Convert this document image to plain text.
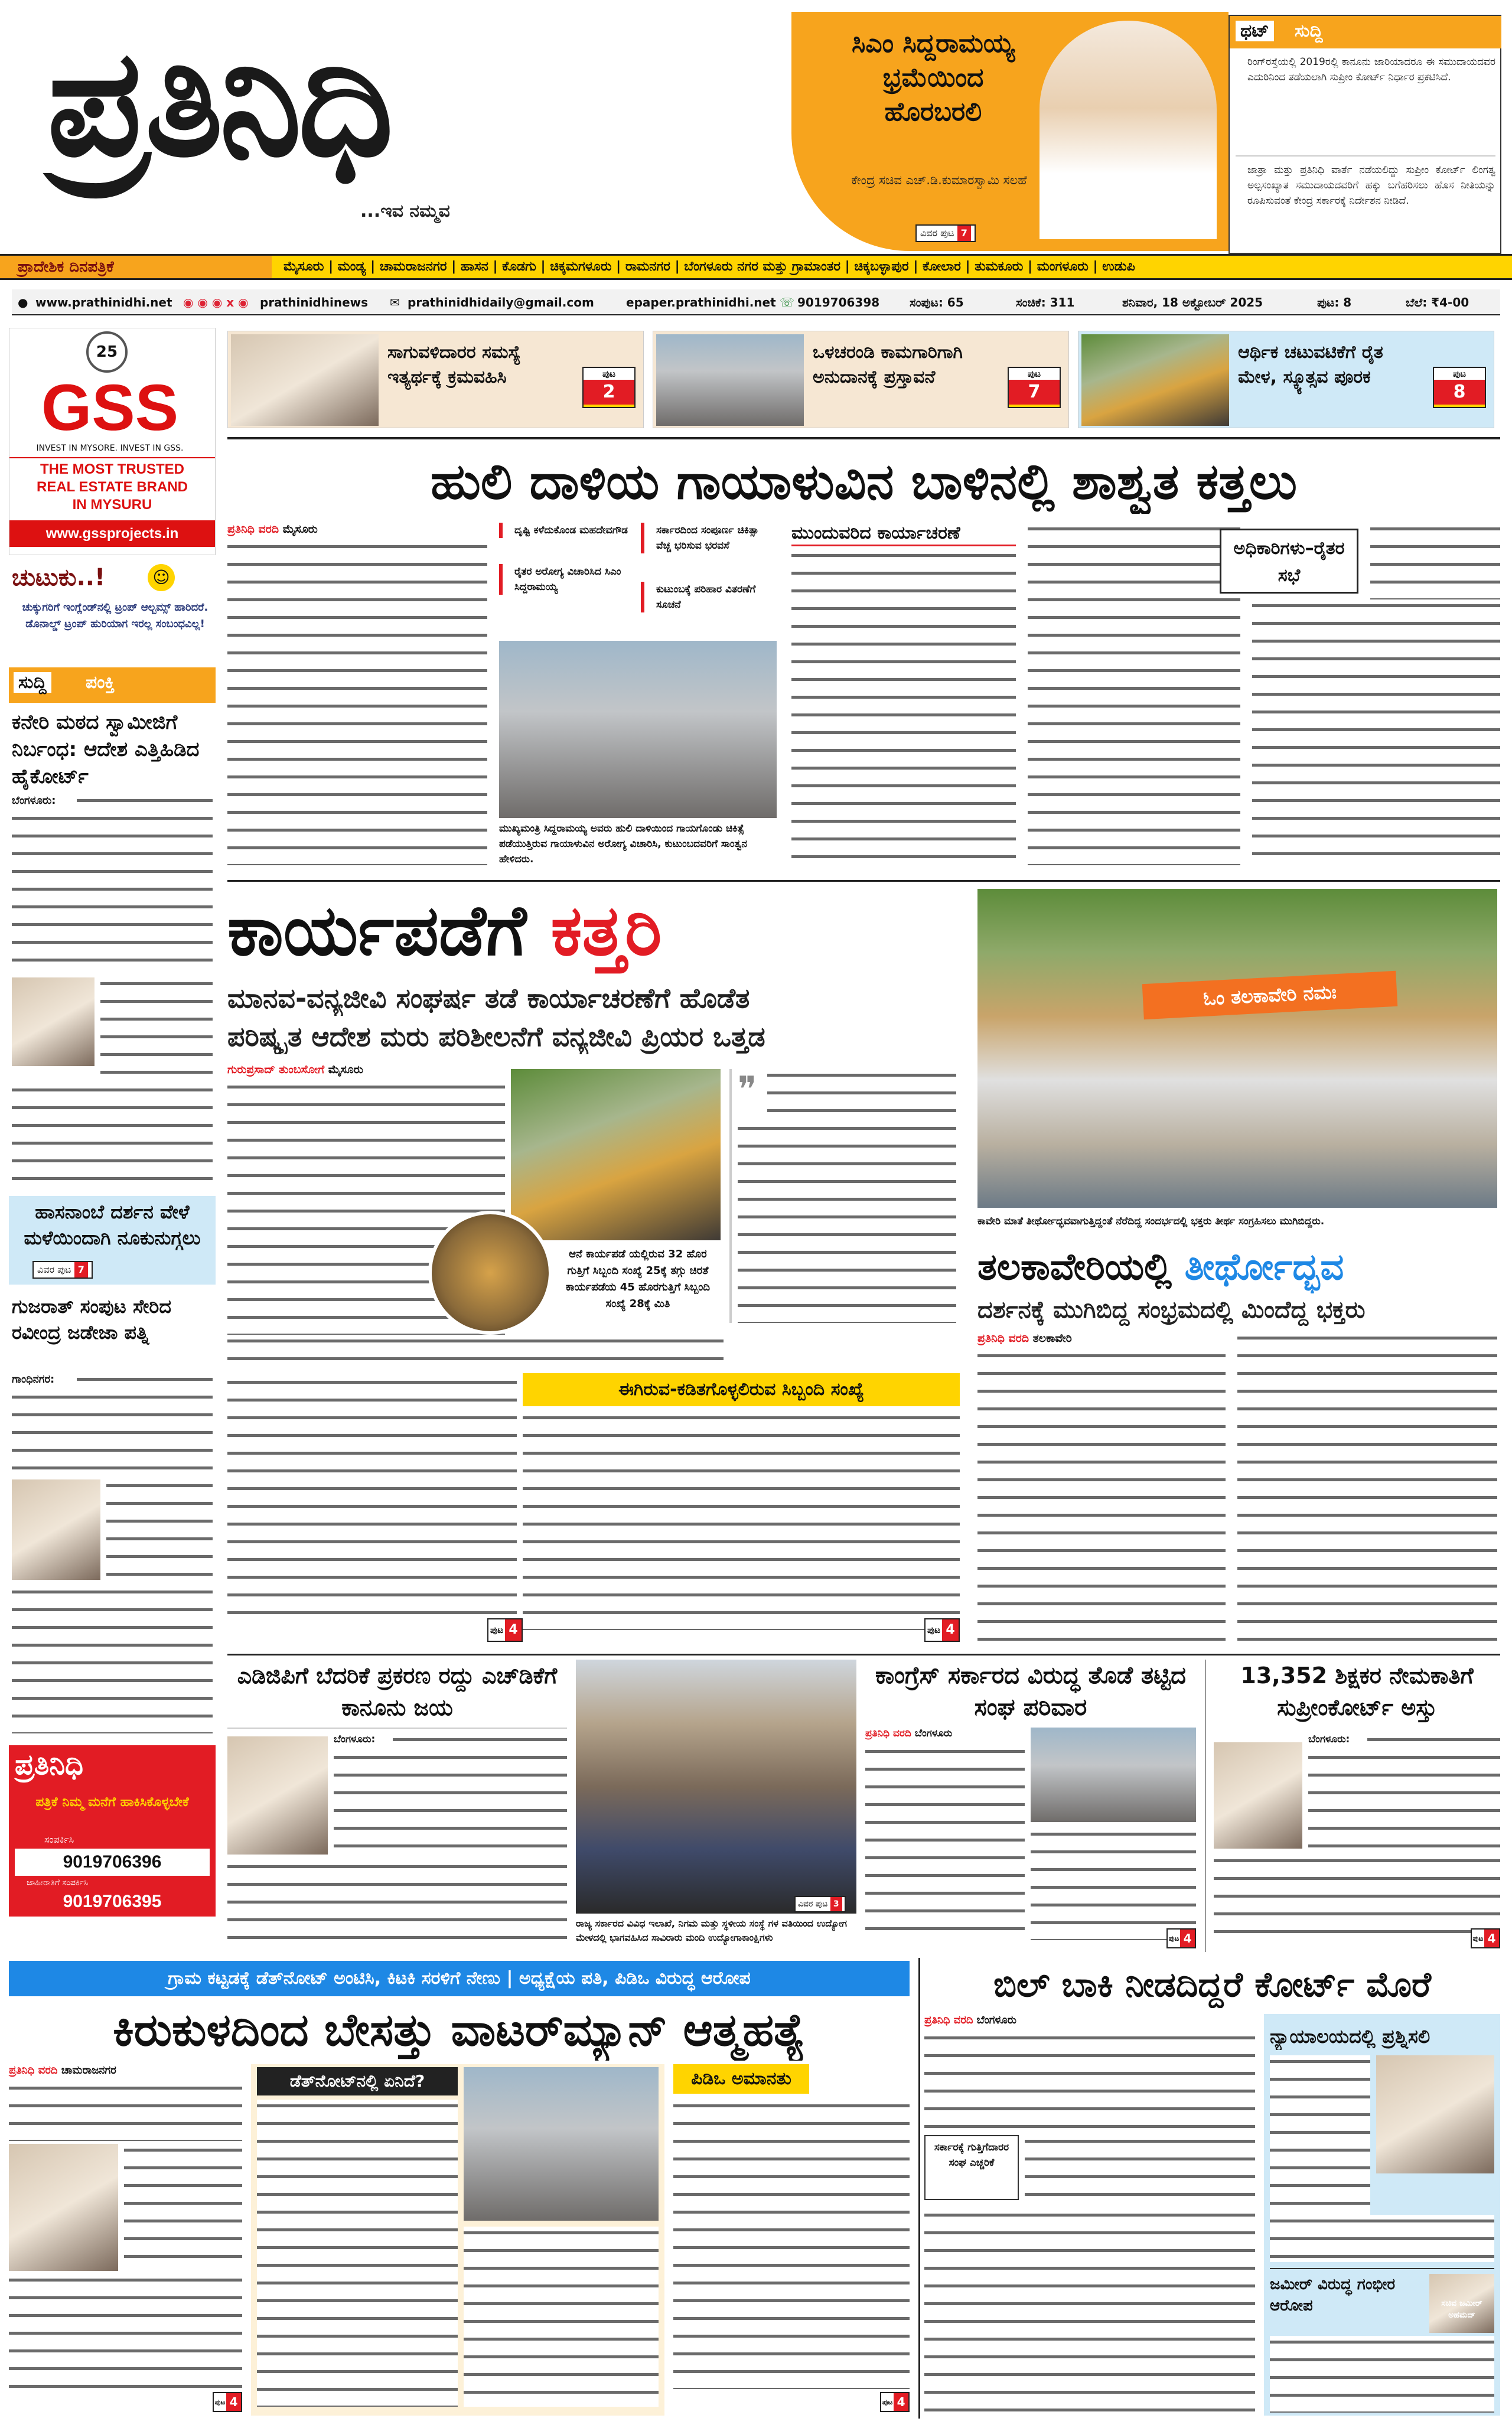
ಪ್ರತಿನಿಧಿ
...ಇವ ನಮ್ಮವ
ಸಿಎಂ ಸಿದ್ದರಾಮಯ್ಯ ಭ್ರಮೆಯಿಂದ ಹೊರಬರಲಿ
ಕೇಂದ್ರ ಸಚಿವ ಎಚ್.ಡಿ.ಕುಮಾರಸ್ವಾಮಿ ಸಲಹೆ
ವಿವರ ಪುಟ 7
ಥಟ್ ಸುದ್ದಿ
ರಿಂಗ್‌ರಸ್ತೆಯಲ್ಲಿ 2019ರಲ್ಲಿ ಕಾನೂನು ಜಾರಿಯಾದರೂ ಈ ಸಮುದಾಯದವರ ಎದುರಿನಿಂದ ತಡೆಯಲಾಗಿ ಸುಪ್ರೀಂ ಕೋರ್ಟ್ ನಿರ್ಧಾರ ಪ್ರಕಟಿಸಿದೆ.
ಜಾತ್ರಾ ಮತ್ತು ಪ್ರತಿನಿಧಿ ವಾರ್ತೆ ನಡೆಯಲಿದ್ದು ಸುಪ್ರೀಂ ಕೋರ್ಟ್ ಲಿಂಗತ್ವ ಅಲ್ಪಸಂಖ್ಯಾತ ಸಮುದಾಯದವರಿಗೆ ಹಕ್ಕು ಬಗೆಹರಿಸಲು ಹೊಸ ನೀತಿಯನ್ನು ರೂಪಿಸುವಂತೆ ಕೇಂದ್ರ ಸರ್ಕಾರಕ್ಕೆ ನಿರ್ದೇಶನ ನೀಡಿದೆ.
ಪ್ರಾದೇಶಿಕ ದಿನಪತ್ರಿಕೆ	ಮೈಸೂರು | ಮಂಡ್ಯ | ಚಾಮರಾಜನಗರ | ಹಾಸನ | ಕೊಡಗು | ಚಿಕ್ಕಮಗಳೂರು | ರಾಮನಗರ | ಬೆಂಗಳೂರು ನಗರ ಮತ್ತು ಗ್ರಾಮಾಂತರ | ಚಿಕ್ಕಬಳ್ಳಾಪುರ | ಕೋಲಾರ | ತುಮಕೂರು | ಮಂಗಳೂರು | ಉಡುಪಿ
● www.prathinidhi.net ◉ ◉ ◉ x ◉ prathinidhinews ✉ prathinidhidaily@gmail.com	epaper.prathinidhi.net ☏ 9019706398	ಸಂಪುಟ: 65	ಸಂಚಿಕೆ: 311	ಶನಿವಾರ, 18 ಅಕ್ಟೋಬರ್ 2025	ಪುಟ: 8	ಬೆಲೆ: ₹4-00
ಸಾಗುವಳಿದಾರರ ಸಮಸ್ಯೆ ಇತ್ಯರ್ಥಕ್ಕೆ ಕ್ರಮವಹಿಸಿ	ಪುಟ
2
ಒಳಚರಂಡಿ ಕಾಮಗಾರಿಗಾಗಿ ಅನುದಾನಕ್ಕೆ ಪ್ರಸ್ತಾವನೆ	ಪುಟ
7
ಆರ್ಥಿಕ ಚಟುವಟಿಕೆಗೆ ರೈತ ಮೇಳ, ಸ್ಕ್ಯೂತ್ಸವ ಪೂರಕ	ಪುಟ
8
25
GSS
INVEST IN MYSORE. INVEST IN GSS.
THE MOST TRUSTED
REAL ESTATE BRAND
IN MYSURU
www.gssprojects.in
ಚುಟುಕು..!	☺
ಚುಕ್ಕುಗರಿಗೆ ಇಂಗ್ಲೆಂಡ್‌ನಲ್ಲಿ ಟ್ರಂಪ್ ಆಲ್ಬಮ್ಸ್ ಹಾರಿದರೆ. ಡೊನಾಲ್ಡ್ ಟ್ರಂಪ್ ಹುರಿಯಾಗ ಇರಲ್ಲ ಸಂಬಂಧವಿಲ್ಲ!
ಸುದ್ದಿ ಪಂಕ್ತಿ
ಕನೇರಿ ಮಠದ ಸ್ವಾಮೀಜಿಗೆ ನಿರ್ಬಂಧ: ಆದೇಶ ಎತ್ತಿಹಿಡಿದ ಹೈಕೋರ್ಟ್
ಬೆಂಗಳೂರು:
ಹಾಸನಾಂಬೆ ದರ್ಶನ ವೇಳೆ ಮಳೆಯಿಂದಾಗಿ ನೂಕುನುಗ್ಗಲು
ವಿವರ ಪುಟ 7
ಗುಜರಾತ್ ಸಂಪುಟ ಸೇರಿದ ರವೀಂದ್ರ ಜಡೇಜಾ ಪತ್ನಿ
ಗಾಂಧಿನಗರ:
ಪ್ರತಿನಿಧಿ
ಪತ್ರಿಕೆ ನಿಮ್ಮ ಮನೆಗೆ ಹಾಕಿಸಿಕೊಳ್ಳಬೇಕೆ
ಸಂಪರ್ಕಿಸಿ
9019706396
ಜಾಹೀರಾತಿಗೆ ಸಂಪರ್ಕಿಸಿ
9019706395
ಹುಲಿ ದಾಳಿಯ ಗಾಯಾಳುವಿನ ಬಾಳಿನಲ್ಲಿ ಶಾಶ್ವತ ಕತ್ತಲು
ಪ್ರತಿನಿಧಿ ವರದಿ ಮೈಸೂರು	ದೃಷ್ಟಿ ಕಳೆದುಕೊಂಡ ಮಹದೇವಗೌಡ
ರೈತರ ಅರೋಗ್ಯ ವಿಚಾರಿಸಿದ ಸಿಎಂ ಸಿದ್ದರಾಮಯ್ಯ
ಸರ್ಕಾರದಿಂದ ಸಂಪೂರ್ಣ ಚಿಕಿತ್ಸಾ ವೆಚ್ಚ ಭರಿಸುವ ಭರವಸೆ
ಕುಟುಂಬಕ್ಕೆ ಪರಿಹಾರ ವಿತರಣೆಗೆ ಸೂಚನೆ
ಮುಖ್ಯಮಂತ್ರಿ ಸಿದ್ದರಾಮಯ್ಯ ಅವರು ಹುಲಿ ದಾಳಿಯಿಂದ ಗಾಯಗೊಂಡು ಚಿಕಿತ್ಸೆ ಪಡೆಯುತ್ತಿರುವ ಗಾಯಾಳುವಿನ ಅರೋಗ್ಯ ವಿಚಾರಿಸಿ, ಕುಟುಂಬದವರಿಗೆ ಸಾಂತ್ವನ ಹೇಳಿದರು.
ಮುಂದುವರಿದ ಕಾರ್ಯಾಚರಣೆ
ಅಧಿಕಾರಿಗಳು–ರೈತರ ಸಭೆ
ಕಾರ್ಯಪಡೆಗೆ ಕತ್ತರಿ
ಮಾನವ-ವನ್ಯಜೀವಿ ಸಂಘರ್ಷ ತಡೆ ಕಾರ್ಯಾಚರಣೆಗೆ ಹೊಡೆತ
ಪರಿಷ್ಕೃತ ಆದೇಶ ಮರು ಪರಿಶೀಲನೆಗೆ ವನ್ಯಜೀವಿ ಪ್ರಿಯರ ಒತ್ತಡ
ಗುರುಪ್ರಸಾದ್ ತುಂಬಸೋಗೆ ಮೈಸೂರು
ಆನೆ ಕಾರ್ಯಪಡೆ ಯಲ್ಲಿರುವ 32 ಹೊರ ಗುತ್ತಿಗೆ ಸಿಬ್ಬಂದಿ ಸಂಖ್ಯೆ 25ಕ್ಕೆ ತಗ್ಗು ಚಿರತೆ ಕಾರ್ಯಪಡೆಯ 45 ಹೊರಗುತ್ತಿಗೆ ಸಿಬ್ಬಂದಿ ಸಂಖ್ಯೆ 28ಕ್ಕೆ ಮಿತಿ
❞
ಈಗಿರುವ-ಕಡಿತಗೊಳ್ಳಲಿರುವ ಸಿಬ್ಬಂದಿ ಸಂಖ್ಯೆ
ಪುಟ 4	ಪುಟ 4
ಓಂ ತಲಕಾವೇರಿ ನಮಃ
ಕಾವೇರಿ ಮಾತೆ ತೀರ್ಥೋದ್ಭವವಾಗುತ್ತಿದ್ದಂತೆ ನೆರೆದಿದ್ದ ಸಂದರ್ಭದಲ್ಲಿ ಭಕ್ತರು ತೀರ್ಥ ಸಂಗ್ರಹಿಸಲು ಮುಗಿಬಿದ್ದರು.
ತಲಕಾವೇರಿಯಲ್ಲಿ ತೀರ್ಥೋದ್ಭವ
ದರ್ಶನಕ್ಕೆ ಮುಗಿಬಿದ್ದ ಸಂಭ್ರಮದಲ್ಲಿ ಮಿಂದೆದ್ದ ಭಕ್ತರು
ಪ್ರತಿನಿಧಿ ವರದಿ ತಲಕಾವೇರಿ
ಎಡಿಜಿಪಿಗೆ ಬೆದರಿಕೆ ಪ್ರಕರಣ ರದ್ದು ಎಚ್‌ಡಿಕೆಗೆ ಕಾನೂನು ಜಯ
ಬೆಂಗಳೂರು:
ವಿವರ ಪುಟ 3
ರಾಜ್ಯ ಸರ್ಕಾರದ ವಿವಿಧ ಇಲಾಖೆ, ನಿಗಮ ಮತ್ತು ಸ್ಥಳೀಯ ಸಂಸ್ಥೆ ಗಳ ವತಿಯಿಂದ ಉದ್ಯೋಗ ಮೇಳದಲ್ಲಿ ಭಾಗವಹಿಸಿದ ಸಾವಿರಾರು ಮಂದಿ ಉದ್ಯೋಗಾಕಾಂಕ್ಷಿಗಳು
ಕಾಂಗ್ರೆಸ್ ಸರ್ಕಾರದ ವಿರುದ್ಧ ತೊಡೆ ತಟ್ಟಿದ ಸಂಘ ಪರಿವಾರ
ಪ್ರತಿನಿಧಿ ವರದಿ ಬೆಂಗಳೂರು
ಪುಟ 4
13,352 ಶಿಕ್ಷಕರ ನೇಮಕಾತಿಗೆ ಸುಪ್ರೀಂಕೋರ್ಟ್ ಅಸ್ತು
ಬೆಂಗಳೂರು:
ಪುಟ 4
ಗ್ರಾಮ ಕಟ್ಟಡಕ್ಕೆ ಡೆತ್‌ನೋಟ್ ಅಂಟಿಸಿ, ಕಿಟಕಿ ಸರಳಿಗೆ ನೇಣು | ಅಧ್ಯಕ್ಷೆಯ ಪತಿ, ಪಿಡಿಒ ವಿರುದ್ಧ ಆರೋಪ
ಕಿರುಕುಳದಿಂದ ಬೇಸತ್ತು ವಾಟರ್‌ಮ್ಯಾನ್ ಆತ್ಮಹತ್ಯೆ
ಪ್ರತಿನಿಧಿ ವರದಿ ಚಾಮರಾಜನಗರ
ಪುಟ 4
ಡೆತ್‌ನೋಟ್‌ನಲ್ಲಿ ಏನಿದೆ?	ಪಿಡಿಒ ಅಮಾನತು
ಪುಟ 4
ಬಿಲ್ ಬಾಕಿ ನೀಡದಿದ್ದರೆ ಕೋರ್ಟ್ ಮೊರೆ
ಪ್ರತಿನಿಧಿ ವರದಿ ಬೆಂಗಳೂರು
ಸರ್ಕಾರಕ್ಕೆ ಗುತ್ತಿಗೆದಾರರ ಸಂಘ ಎಚ್ಚರಿಕೆ
ನ್ಯಾಯಾಲಯದಲ್ಲಿ ಪ್ರಶ್ನಿಸಲಿ
ಜಮೀರ್ ವಿರುದ್ಧ ಗಂಭೀರ ಆರೋಪ	ಸಚಿವ ಜಮೀರ್ ಅಹಮದ್
